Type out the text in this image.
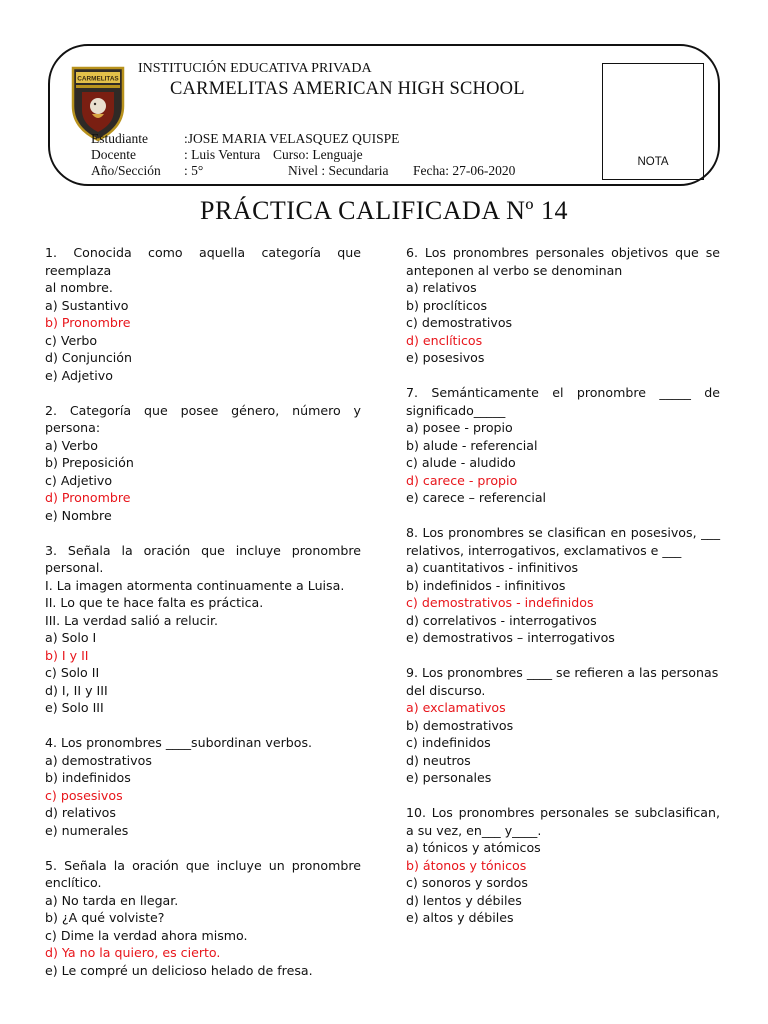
CARMELITAS
INSTITUCIÓN EDUCATIVA PRIVADA
CARMELITAS AMERICAN HIGH SCHOOL
Estudiante	:JOSE MARIA VELASQUEZ QUISPE
Docente	: Luis Ventura Curso: Lenguaje
Año/Sección : 5°	Nivel : Secundaria Fecha: 27-06-2020
NOTA
PRÁCTICA CALIFICADA Nº 14
1. Conocida como aquella categoría que reemplaza
al nombre.
a) Sustantivo
b) Pronombre
c) Verbo
d) Conjunción
e) Adjetivo
2. Categoría que posee género, número y persona:
a) Verbo
b) Preposición
c) Adjetivo
d) Pronombre
e) Nombre
3. Señala la oración que incluye pronombre personal.
I. La imagen atormenta continuamente a Luisa.
II. Lo que te hace falta es práctica.
III. La verdad salió a relucir.
a) Solo I
b) I y II
c) Solo II
d) I, II y III
e) Solo III
4. Los pronombres ____subordinan verbos.
a) demostrativos
b) indefinidos
c) posesivos
d) relativos
e) numerales
5. Señala la oración que incluye un pronombre enclítico.
a) No tarda en llegar.
b) ¿A qué volviste?
c) Dime la verdad ahora mismo.
d) Ya no la quiero, es cierto.
e) Le compré un delicioso helado de fresa.
6. Los pronombres personales objetivos que se anteponen al verbo se denominan
a) relativos
b) proclíticos
c) demostrativos
d) enclíticos
e) posesivos
7. Semánticamente el pronombre _____ de significado_____
a) posee - propio
b) alude - referencial
c) alude - aludido
d) carece - propio
e) carece – referencial
8. Los pronombres se clasifican en posesivos, ___ relativos, interrogativos, exclamativos e ___
a) cuantitativos - infinitivos
b) indefinidos - infinitivos
c) demostrativos - indefinidos
d) correlativos - interrogativos
e) demostrativos – interrogativos
9. Los pronombres ____ se refieren a las personas
del discurso.
a) exclamativos
b) demostrativos
c) indefinidos
d) neutros
e) personales
10. Los pronombres personales se subclasifican, a su vez, en___ y____.
a) tónicos y atómicos
b) átonos y tónicos
c) sonoros y sordos
d) lentos y débiles
e) altos y débiles
